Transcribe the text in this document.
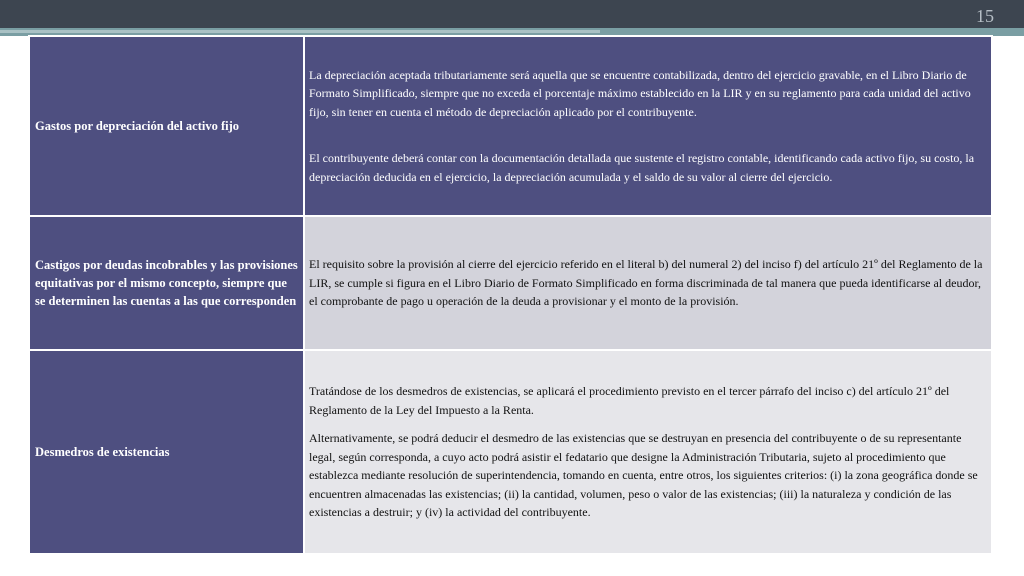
15
Gastos por depreciación del activo fijo	La depreciación aceptada tributariamente será aquella que se encuentre contabilizada, dentro del ejercicio gravable, en el Libro Diario de Formato Simplificado, siempre que no exceda el porcentaje máximo establecido en la LIR y en su reglamento para cada unidad del activo fijo, sin tener en cuenta el método de depreciación aplicado por el contribuyente.

El contribuyente deberá contar con la documentación detallada que sustente el registro contable, identificando cada activo fijo, su costo, la depreciación deducida en el ejercicio, la depreciación acumulada y el saldo de su valor al cierre del ejercicio.

Castigos por deudas incobrables y las provisiones equitativas por el mismo concepto, siempre que se determinen las cuentas a las que corresponden	El requisito sobre la provisión al cierre del ejercicio referido en el literal b) del numeral 2) del inciso f) del artículo 21º del Reglamento de la LIR, se cumple si figura en el Libro Diario de Formato Simplificado en forma discriminada de tal manera que pueda identificarse al deudor, el comprobante de pago u operación de la deuda a provisionar y el monto de la provisión.

Desmedros de existencias	Tratándose de los desmedros de existencias, se aplicará el procedimiento previsto en el tercer párrafo del inciso c) del artículo 21º del Reglamento de la Ley del Impuesto a la Renta.

Alternativamente, se podrá deducir el desmedro de las existencias que se destruyan en presencia del contribuyente o de su representante legal, según corresponda, a cuyo acto podrá asistir el fedatario que designe la Administración Tributaria, sujeto al procedimiento que establezca mediante resolución de superintendencia, tomando en cuenta, entre otros, los siguientes criterios: (i) la zona geográfica donde se encuentren almacenadas las existencias; (ii) la cantidad, volumen, peso o valor de las existencias; (iii) la naturaleza y condición de las existencias a destruir; y (iv) la actividad del contribuyente.
